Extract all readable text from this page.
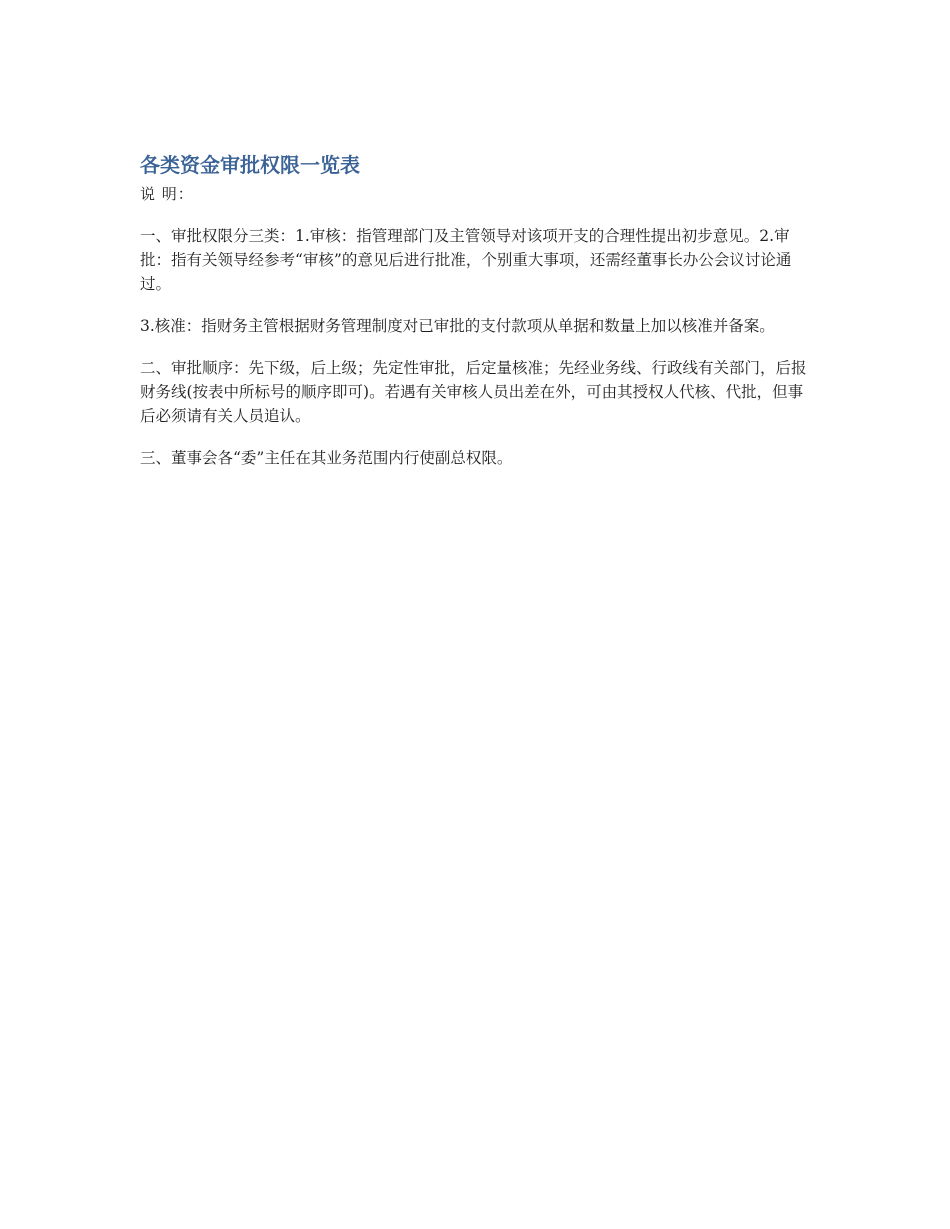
各类资金审批权限一览表

说 明：

一、审批权限分三类：1.审核：指管理部门及主管领导对该项开支的合理性提出初步意见。2.审批：指有关领导经参考“审核”的意见后进行批准，个别重大事项，还需经董事长办公会议讨论通过。

3.核准：指财务主管根据财务管理制度对已审批的支付款项从单据和数量上加以核准并备案。

二、审批顺序：先下级，后上级；先定性审批，后定量核准；先经业务线、行政线有关部门，后报财务线(按表中所标号的顺序即可)。若遇有关审核人员出差在外，可由其授权人代核、代批，但事后必须请有关人员追认。

三、董事会各“委”主任在其业务范围内行使副总权限。
